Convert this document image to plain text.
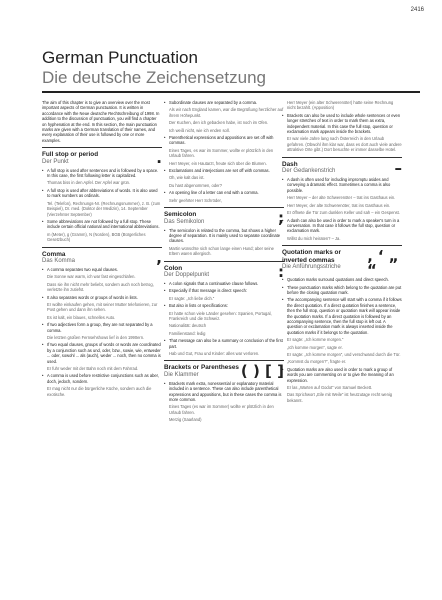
2416
German Punctuation
Die deutsche Zeichensetzung

The aim of this chapter is to give an overview over the most important aspects of German punctuation. It is written in accordance with the Neue deutsche Rechtschreibung of 1998. In addition to the discussion of punctuation, you will find a chapter on hyphenation at the end. In this section, the main punctuation marks are given with a German translation of their names, and every explanation of their use is followed by one or more examples.

Full stop or period
Der Punkt	.
• A full stop is used after sentences and is followed by a space. In this case, the first following letter is capitalized.
Thomas biss in den Apfel. Der Apfel war grün.
• A full stop is used after abbreviations of words. It is also used to mark numbers as ordinals.
Tel. (Telefon), Rechnungs-Nr. (Rechnungsnummer), z. B. (zum Beispiel), Dr. med. (Doktor der Medizin), 14. September (Vierzehnter September)
• Some abbreviations are not followed by a full stop. These include certain official national and international abbreviations.
m (Meter), g (Gramm), N (Norden), BGB (Bürgerliches Gesetzbuch)
Comma
Das Komma	,
• A comma separates two equal clauses.
Die Sonne war warm, ich war fast eingeschlafen.
Dass sie ihn nicht mehr beliebt, sondern auch noch betrog, verletzte ihn zutiefst.
• It also separates words or groups of words in lists.
Er wollte einkaufen gehen, mit seiner Mutter telefonieren, zur Post gehen und dann ihn sehen.
Es ist kalt, ein blaues, schnelles Auto.
• If two adjectives form a group, they are not separated by a comma.
Die letzten großen Fernsehshows lief in den 1990ern.
• If two equal clauses, groups of words or words are coordinated by a conjunction such as und, oder, bzw., sowie, wie, entweder ... oder, sowohl ... als (auch), weder ... noch, then no comma is used.
Er fuhr weder mit der Bahn noch mit dem Fahrrad.
• A comma is used before restrictive conjunctions such as aber, doch, jedoch, sondern.
Er mag nicht nur die bürgerliche Küche, sondern auch die exotische.
• Subordinate clauses are separated by a comma.
Als wir nach England kamen, war die Begrüßung herzlicher auf ihrem Höhepunkt.
Der Kuchen, den ich gebacken habe, ist noch im Ofen.
Ich weiß nicht, wie ich enden soll.
• Parenthetical expressions and appositions are set off with commas.
Eines Tages, es war im Sommer, wollte er plötzlich in den Urlaub fahren.
Herr Meyer, ein Hautarzt, freute sich über die Blumen.
• Exclamations and interjections are set off with commas.
Oh, wie kalt das ist.
Du hast abgenommen, oder?
• An opening line of a letter can end with a comma.
Sehr geehrter Herr Schröder,
Semicolon
Das Semikolon	;
• The semicolon is related to the comma, but shows a higher degree of separation. It is mainly used to separate coordinate clauses.
Martin wünschte sich schon lange einen Hund; aber seine Eltern waren allergisch.
Colon
Der Doppelpunkt	:
• A colon signals that a continuative clause follows.
• Especially if that message is direct speech:
Er sagte: „Ich liebe dich.“
• But also in lists or specifications:
Er hatte schon viele Länder gesehen: Spanien, Portugal, Frankreich und die Schweiz.
Nationalität: deutsch
Familienstand: ledig
• That message can also be a summary or conclusion of the first part.
Hab und Gut, Frau und Kinder: alles war verloren.
Brackets or Parentheses
Die Klammer	( ) [ ]
• Brackets mark extra, nonessential or explanatory material included in a sentence. These can also include parenthetical expressions and appositions, but in these cases the comma is more common.
Eines Tages (es war im Sommer) wollte er plötzlich in den Urlaub fahren.
Merzig (Saarland)
Herr Meyer (ein alter Schwerenöter) hatte seine Rechnung nicht bezahlt. (Apposition)
• Brackets can also be used to include whole sentences or even longer stretches of text in order to mark them as extra, independent material. In this case the full stop, question or exclamation mark appears inside the brackets.
Er war viele Jahre lang nach Österreich in den Urlaub gefahren. (Obwohl ihm klar war, dass es dort auch viele andere attraktive Orte gibt.) Dort besuchte er immer dasselbe Hotel.
Dash
Der Gedankenstrich	–
• A dash is often used for including impromptu asides and conveying a dramatic effect. Sometimes a comma is also possible.
Herr Meyer – der alte Schwerenöter – trat ins Gasthaus ein.
Herr Meyer, der alte Schwerenöter, trat ins Gasthaus ein.
Er öffnete die Tür zum dunklen Keller und sah – ein Gespenst.
• A dash can also be used in order to mark a speaker's turn in a conversation. In that case it follows the full stop, question or exclamation mark.
Willst du mich heiraten? – Ja.
Quotation marks or inverted commas
Die Anführungsstriche
‚ ‘ „ “
• Quotation marks surround quotations and direct speech.
• These punctuation marks which belong to the quotation are put before the closing quotation mark.
• The accompanying sentence will start with a comma if it follows the direct quotation. If a direct quotation finishes a sentence, then the full stop, question or quotation mark will appear inside the quotation marks. If a direct quotation is followed by an accompanying sentence, then the full stop is left out. A question or exclamation mark is always inserted inside the quotation marks if it belongs to the quotation.
Er sagte: „Ich komme morgen.“
„Ich komme morgen“, sagte er.
Er sagte: „Ich komme morgen“, und verschwand durch die Tür.
„Kommst du morgen?“, fragte er.
• Quotation marks are also used in order to mark a group of words you are commenting on or to give the meaning of an expression.
Er las „Warten auf Godot“ von Samuel Beckett.
Das Sprichwort „Eile mit Weile“ ist heutzutage recht wenig bekannt.
